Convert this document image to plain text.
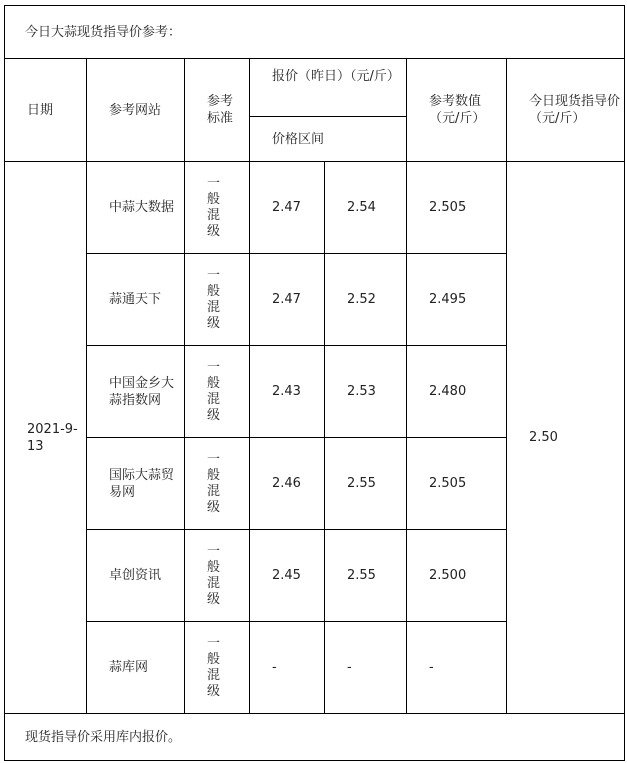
今日大蒜现货指导价参考：						
日期	参考网站	参考标准	报价（昨日）（元/斤）		参考数值（元/斤）	今日现货指导价（元/斤）
			价格区间			
2021-9-13	中蒜大数据	一般混级	2.47	2.54	2.505	2.50
	蒜通天下	一般混级	2.47	2.52	2.495	
	中国金乡大蒜指数网	一般混级	2.43	2.53	2.480	
	国际大蒜贸易网	一般混级	2.46	2.55	2.505	
	卓创资讯	一般混级	2.45	2.55	2.500	
	蒜库网	一般混级	-	-	-	
现货指导价采用库内报价。						
